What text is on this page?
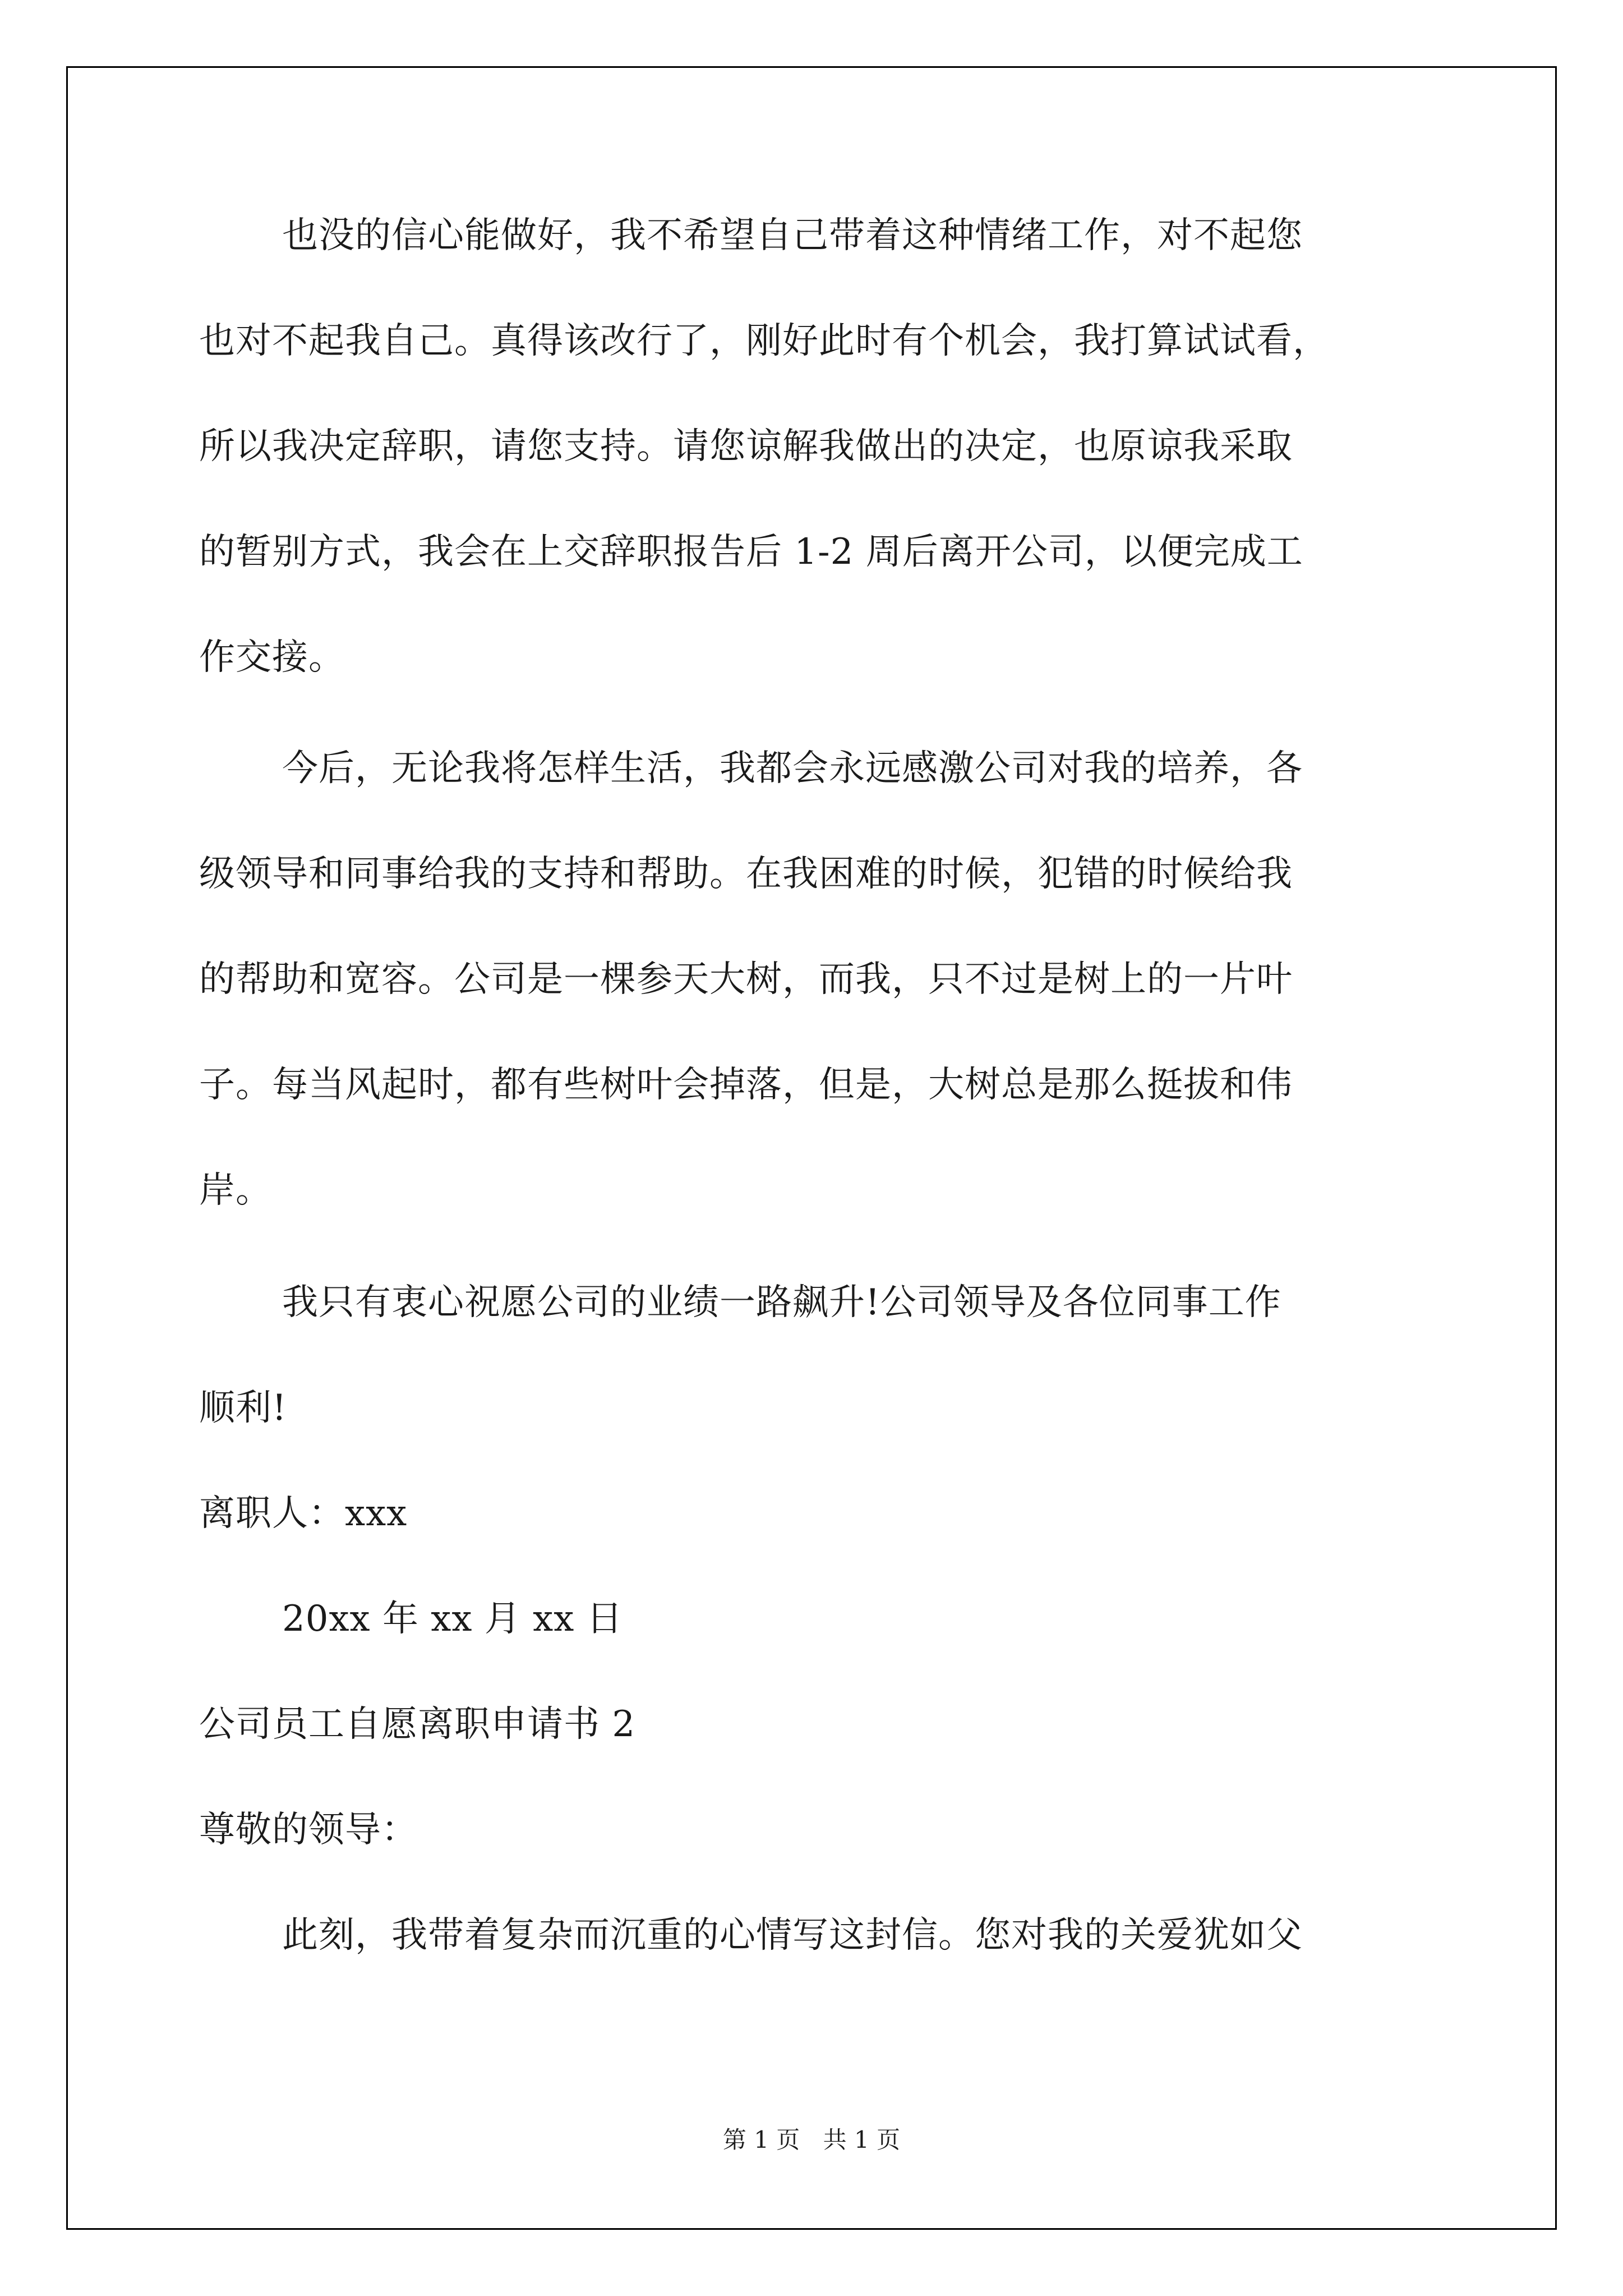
也没的信心能做好，我不希望自己带着这种情绪工作，对不起您
也对不起我自己。真得该改行了，刚好此时有个机会，我打算试试看，
所以我决定辞职，请您支持。请您谅解我做出的决定，也原谅我采取
的暂别方式，我会在上交辞职报告后 1-2 周后离开公司，以便完成工
作交接。
今后，无论我将怎样生活，我都会永远感激公司对我的培养，各
级领导和同事给我的支持和帮助。在我困难的时候，犯错的时候给我
的帮助和宽容。公司是一棵参天大树，而我，只不过是树上的一片叶
子。每当风起时，都有些树叶会掉落，但是，大树总是那么挺拔和伟
岸。
我只有衷心祝愿公司的业绩一路飙升!公司领导及各位同事工作
顺利!
离职人：xxx
20xx 年 xx 月 xx 日
公司员工自愿离职申请书 2
尊敬的领导：
此刻，我带着复杂而沉重的心情写这封信。您对我的关爱犹如父
第 1 页 共 1 页
